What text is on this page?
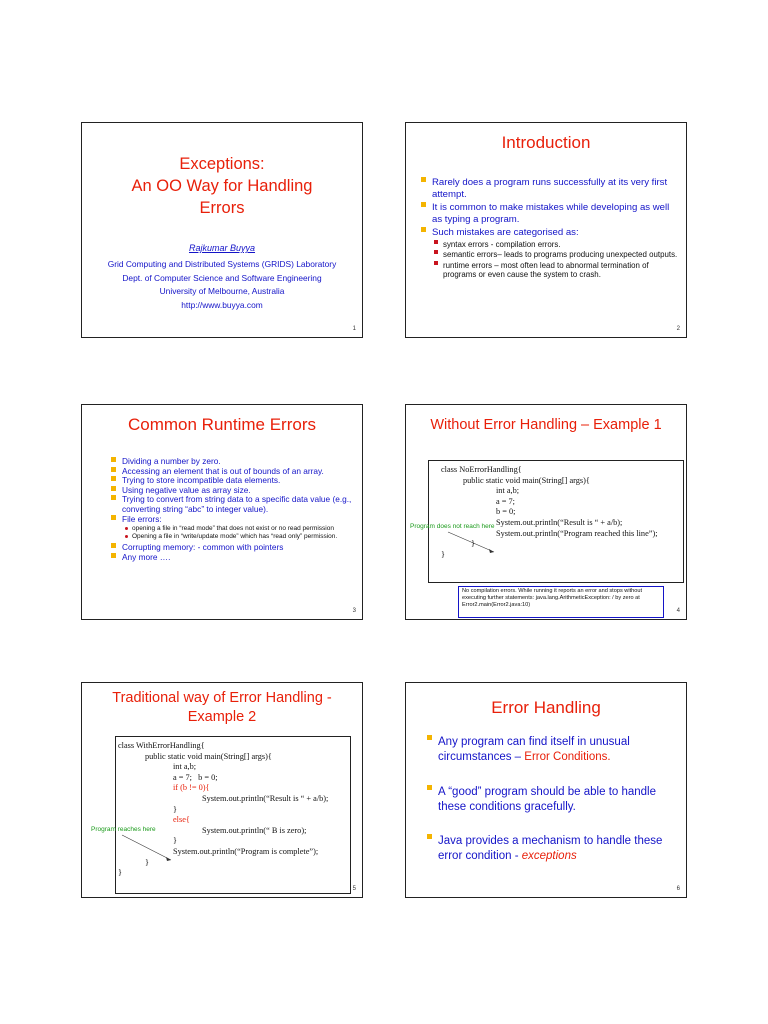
Exceptions:
An OO Way for Handling
Errors
Rajkumar Buyya
Grid Computing and Distributed Systems (GRIDS) Laboratory
Dept. of Computer Science and Software Engineering
University of Melbourne, Australia
http://www.buyya.com
1
Introduction
Rarely does a program runs successfully at its very first attempt.
It is common to make mistakes while developing as well as typing a program.
Such mistakes are categorised as:
syntax errors - compilation errors.
semantic errors– leads to programs producing unexpected outputs.
runtime errors – most often lead to abnormal termination of programs or even cause the system to crash.
2
Common Runtime Errors
Dividing a number by zero.
Accessing an element that is out of bounds of an array.
Trying to store incompatible data elements.
Using negative value as array size.
Trying to convert from string data to a specific data value (e.g., converting string “abc” to integer value).
File errors:
opening a file in “read mode” that does not exist or no read permission
Opening a file in “write/update mode” which has “read only” permission.
Corrupting memory: - common with pointers
Any more ….
3
Without Error Handling – Example 1
class NoErrorHandling{
public static void main(String[] args){
int a,b;
a = 7;
b = 0;
System.out.println(“Result is “ + a/b);
System.out.println(“Program reached this line”);
}
}
Program does not reach here
No compilation errors. While running it reports an error and stops without executing further statements: java.lang.ArithmeticException: / by zero at Error2.main(Error2.java:10)
4
Traditional way of Error Handling -
Example 2
class WithErrorHandling{
public static void main(String[] args){
int a,b;
a = 7;   b = 0;
if (b != 0){
System.out.println(“Result is “ + a/b);
}
else{
System.out.println(“ B is zero);
}
System.out.println(“Program is complete”);
}
}
Program reaches here
5
Error Handling
Any program can find itself in unusual circumstances – Error Conditions.
A “good” program should be able to handle these conditions gracefully.
Java provides a mechanism to handle these error condition - exceptions
6
